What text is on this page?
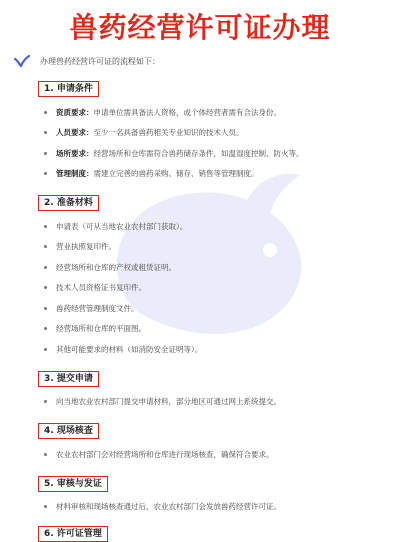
兽药经营许可证办理
办理兽药经营许可证的流程如下：
1. 申请条件
资质要求：申请单位需具备法人资格，或个体经营者需有合法身份。
人员要求：至少一名具备兽药相关专业知识的技术人员。
场所要求：经营场所和仓库需符合兽药储存条件，如温湿度控制、防火等。
管理制度：需建立完善的兽药采购、储存、销售等管理制度。
2. 准备材料
申请表（可从当地农业农村部门获取）。
营业执照复印件。
经营场所和仓库的产权或租赁证明。
技术人员资格证书复印件。
兽药经营管理制度文件。
经营场所和仓库的平面图。
其他可能要求的材料（如消防安全证明等）。
3. 提交申请
向当地农业农村部门提交申请材料，部分地区可通过网上系统提交。
4. 现场核查
农业农村部门会对经营场所和仓库进行现场核查，确保符合要求。
5. 审核与发证
材料审核和现场核查通过后，农业农村部门会发放兽药经营许可证。
6. 许可证管理
